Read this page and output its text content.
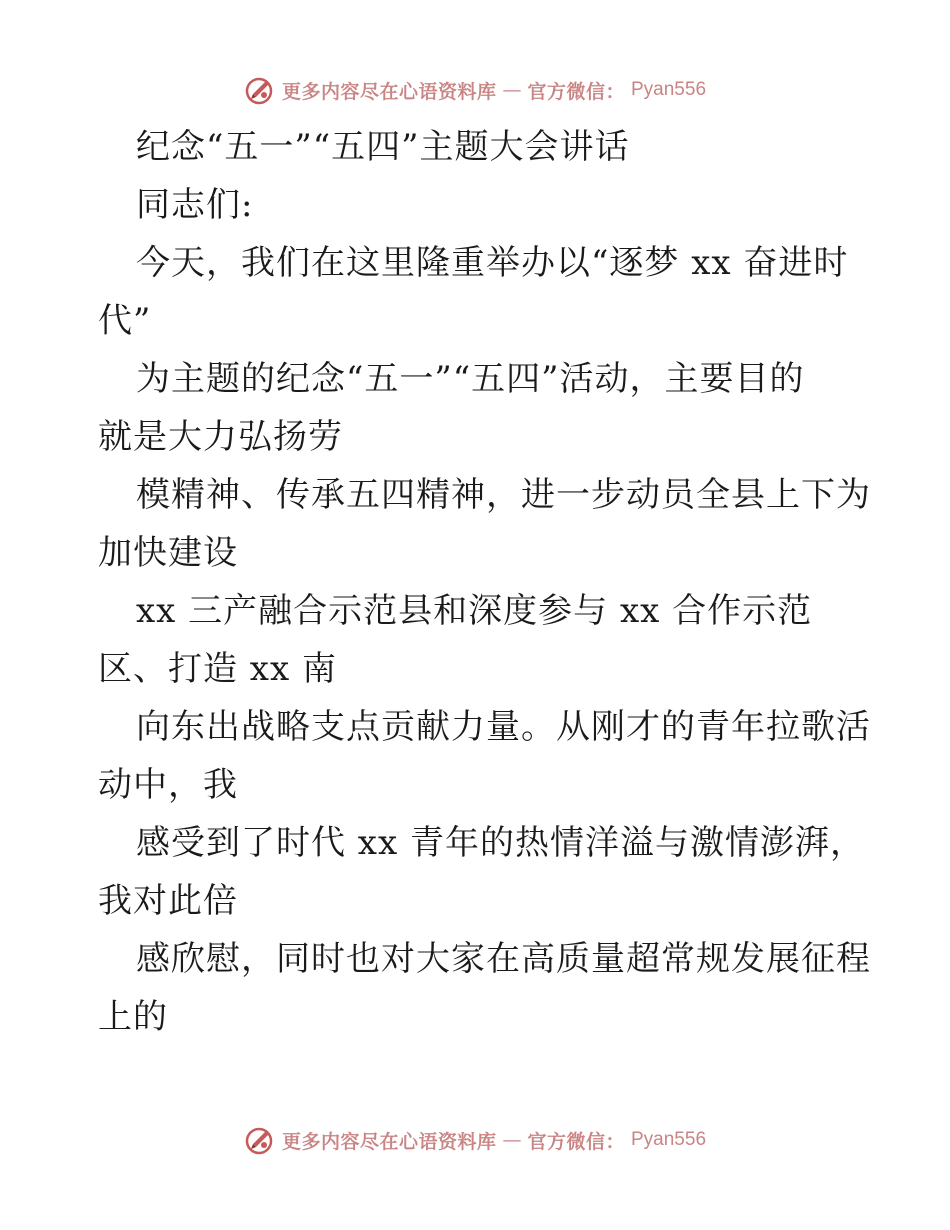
更多内容尽在心语资料库 — 官方微信： Pyan556
纪念“五一”“五四”主题大会讲话
同志们:
今天，我们在这里隆重举办以“逐梦 xx 奋进时
代”
为主题的纪念“五一”“五四”活动，主要目的
就是大力弘扬劳
模精神、传承五四精神，进一步动员全县上下为
加快建设
xx 三产融合示范县和深度参与 xx 合作示范
区、打造 xx 南
向东出战略支点贡献力量。从刚才的青年拉歌活
动中，我
感受到了时代 xx 青年的热情洋溢与激情澎湃，
我对此倍
感欣慰，同时也对大家在高质量超常规发展征程
上的
更多内容尽在心语资料库 — 官方微信： Pyan556
